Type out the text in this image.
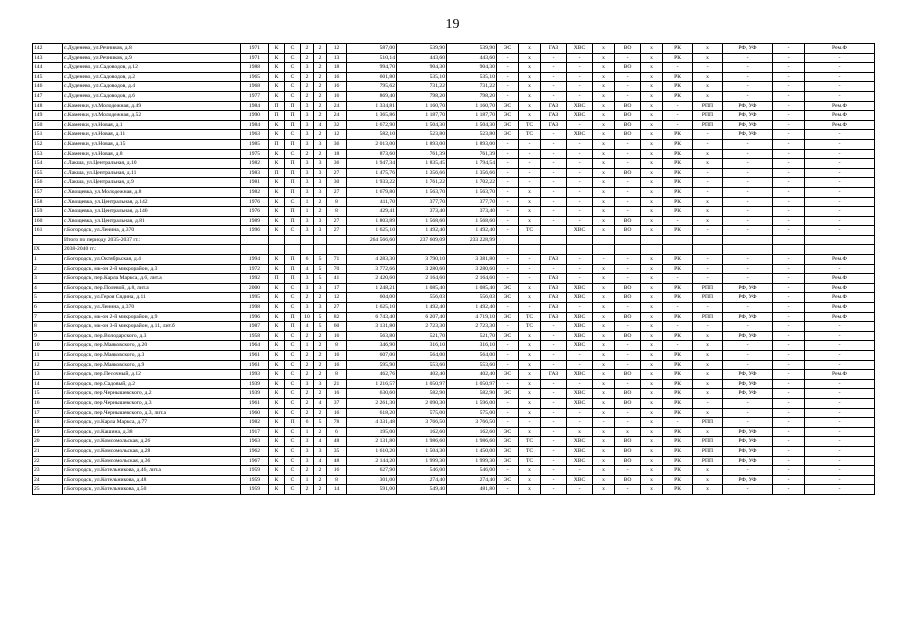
19
142	с.Дуденево, ул.Речников, д.8	1971	К	С	2	2	12	587,00	539,90	539,90	ЭС	х	ГАЗ	ХВС	х	ВО	х	РК	х	РФ, УФ	-	Рем.Ф
143	с.Дуденево, ул.Речников, д.9	1971	К	С	2	2	13	510,14	443,60	443,60	-	х	-	-	х	-	х	РК	х	-	-	-
144	с.Дуденево, ул.Садоводов, д.12	1988	К	С	3	2	18	994,70	904,30	904,30	-	х	-	-	х	ВО	х	-	-	-	-	-
145	с.Дуденево, ул.Садоводов, д.2	1965	К	С	2	2	16	601,80	535,10	535,10	-	х	-	-	х	-	х	РК	х	-	-	-
146	с.Дуденево, ул.Садоводов, д.4	1968	К	С	2	2	16	795,62	731,22	731,22	-	х	-	-	х	-	х	РК	х	-	-	-
147	с.Дуденево, ул.Садоводов, д.6	1977	К	С	2	2	16	869,40	798,20	798,20	-	х	-	-	х	-	х	РК	х	-	-	-
148	с.Каменки, ул.Молодежная, д.49	1984	П	П	3	2	24	1 334,81	1 160,70	1 160,70	ЭС	х	ГАЗ	ХВС	х	ВО	х	-	РПП	РФ, УФ	-	Рем.Ф
149	с.Каменки, ул.Молодежная, д.52	1990	П	П	3	2	24	1 365,86	1 187,70	1 187,70	ЭС	х	ГАЗ	ХВС	х	ВО	х	-	РПП	РФ, УФ	-	Рем.Ф
150	с.Каменки, ул.Новая, д.1	1984	К	П	3	4	32	1 672,90	1 504,30	1 504,30	ЭС	ТС	ГАЗ	-	х	ВО	х	-	РПП	РФ, УФ	-	Рем.Ф
151	с.Каменки, ул.Новая, д.11	1963	К	С	3	2	12	582,10	523,80	523,80	ЭС	ТС	-	ХВС	х	ВО	х	РК	-	РФ, УФ	-	-
152	с.Каменки, ул.Новая, д.15	1985	П	П	3	3	36	2 013,00	1 893,00	1 893,00	-	-	-	-	х	-	х	РК	-	-	-	-
153	с.Каменки, ул.Новая, д.8	1975	К	С	2	2	18	873,60	761,39	761,39	-	-	-	-	х	-	х	РК	х	-	-	-
154	с.Лакша, ул.Центральная, д.10	1982	К	П	3	3	36	1 947,34	1 835,45	1 794,54	-	-	-	-	х	-	х	РК	х	-	-	-
155	с.Лакша, ул.Центральная, д.11	1983	П	П	3	3	27	1 475,76	1 356,66	1 356,66	-	-	-	-	х	ВО	х	РК	-	-	-	-
156	с.Лакша, ул.Центральная, д.9	1981	К	П	3	3	30	1 933,22	1 761,22	1 702,22	-	-	-	-	х	-	х	РК	-	-	-	-
157	с.Хвощевка, ул.Молодежная, д.8	1982	К	П	3	3	27	1 679,80	1 563,70	1 563,70	-	х	-	-	х	-	х	РК	-	-	-	-
158	с.Хвощевка, ул.Центральная, д.142	1976	К	С	1	2	8	411,70	377,70	377,70	-	х	-	-	х	-	х	РК	х	-	-	-
159	с.Хвощевка, ул.Центральная, д.146	1976	К	П	1	2	8	429,41	373,40	373,40	-	х	-	-	х	-	х	РК	х	-	-	-
160	с.Хвощевка, ул.Центральная, д.81	1989	К	П	3	3	27	1 803,89	1 568,60	1 568,60	-	х	-	-	х	ВО	х	-	х	-	-	-
161	г.Богородск, ул.Ленина, д.370	1996	К	С	3	3	27	1 625,10	1 492,40	1 492,40	-	ТС		ХВС	х	ВО	х	РК	-	-	-	-
	Итого по периоду 2035-2037 гг.:							264 566,60	237 609,09	233 228,99												
IX	2038-2040 гг.:																					
1	г.Богородск, ул.Октябрьская, д.4	1994	К	П	6	5	71	4 283,30	3 790,10	3 381,80	-	-	ГАЗ	-	-	-	х	РК	-	-	-	Рем.Ф
2	г.Богородск, мк-он 2-й микрорайон, д.3	1972	К	П	4	5	70	3 772,66	3 280,60	3 280,60	-	-	-	-	х	-	х	РК	-	-	-	-
3	г.Богородск, пер.Карла Маркса, д.6, лит.а	1992	П	П	3	5	41	2 420,60	2 164,60	2 164,60	-	-	ГАЗ	-	х	-	х	-	-	-	-	Рем.Ф
4	г.Богородск, пер.Полевой, д.8, лит.а	2000	К	С	3	3	17	1 248,21	1 085,40	1 085,40	ЭС	х	ГАЗ	ХВС	х	ВО	х	РК	РПП	РФ, УФ	-	Рем.Ф
5	г.Богородск, ул.Героя Сядина, д.11	1995	К	С	2	2	12	604,00	556,03	556,03	ЭС	х	ГАЗ	ХВС	х	ВО	х	РК	РПП	РФ, УФ	-	Рем.Ф
6	г.Богородск, ул.Ленина, д.370	1998	К	С	3	3	27	1 625,10	1 492,40	1 492,40	-	-	ГАЗ	-	х	-	х	-	-	-	-	Рем.Ф
7	г.Богородск, мк-он 2-й микрорайон, д.9	1996	К	П	10	5	82	6 743,40	6 207,40	4 719,10	ЭС	ТС	ГАЗ	ХВС	х	ВО	х	РК	РПП	РФ, УФ	-	Рем.Ф
8	г.Богородск, мк-он 3-й микрорайон, д.11, лит.б	1987	К	П	4	5	60	3 131,80	2 723,30	2 723,30	-	ТС	-	ХВС	х	-	х	-	-	-	-	-
9	г.Богородск, пер.Володарского, д.3	1958	К	С	2	2	16	563,80	521,70	521,70	ЭС	х	-	ХВС	х	ВО	х	РК	х	РФ, УФ	-	-
10	г.Богородск, пер.Маяковского, д.20	1964	К	С	1	2	8	346,90	316,10	316,10	-	х	-	ХВС	х	-	х	-	х	-	-	-
11	г.Богородск, пер.Маяковского, д.3	1961	К	С	2	2	16	607,00	564,00	564,00	-	х	-	-	х	-	х	РК	х	-	-	-
12	г.Богородск, пер.Маяковского, д.9	1961	К	С	2	2	16	595,90	553,60	553,60	-	х	-	-	х	-	х	РК	х	-	-	-
13	г.Богородск, пер.Песочный, д.12	1993	К	С	2	2	8	462,76	402,40	402,40	ЭС	х	ГАЗ	ХВС	х	ВО	х	РК	х	РФ, УФ	-	Рем.Ф
14	г.Богородск, пер.Садовый, д.2	1939	К	С	3	3	21	1 216,57	1 050,97	1 050,97	-	х	-	-	х	-	х	РК	х	РФ, УФ	-	-
15	г.Богородск, пер.Чернышевского, д.2	1939	К	С	2	2	16	630,60	582,90	582,90	ЭС	х	-	ХВС	х	ВО	х	РК	х	РФ, УФ	-	-
16	г.Богородск, пер.Чернышевского, д.3	1961	К	С	2	4	37	2 261,30	2 090,30	1 596,00	-	х	-	ХВС	х	ВО	х	РК	-	-	-	-
17	г.Богородск, пер.Чернышевского, д.3, лит.а	1960	К	С	2	2	16	618,20	575,00	575,00	-	х	-	-	х	-	х	РК	х	-	-	-
18	г.Богородск, ул.Карла Маркса, д.77	1982	К	П	6	5	78	4 331,48	3 766,50	3 766,50	-	-	-	-	-	-	х	-	РПП	-	-	-
19	г.Богородск, ул.Кашина, д.38	1917	К	С	1	2	6	195,00	162,60	162,60	ЭС	х	-	х	х	х	х	РК	х	РФ, УФ	-	-
20	г.Богородск, ул.Комсомольская, д.26	1963	К	С	3	4	48	2 131,80	1 986,60	1 986,60	ЭС	ТС	-	ХВС	х	ВО	х	РК	РПП	РФ, УФ	-	-
21	г.Богородск, ул.Комсомольская, д.28	1962	К	С	3	3	35	1 610,20	1 504,30	1 450,00	ЭС	ТС	-	ХВС	х	ВО	х	РК	РПП	РФ, УФ	-	-
22	г.Богородск, ул.Комсомольская, д.36	1967	К	С	3	4	48	2 144,20	1 999,30	1 999,30	ЭС	ТС	-	ХВС	х	ВО	х	РК	РПП	РФ, УФ	-	-
23	г.Богородск, ул.Котельникова, д.46, лит.а	1959	К	С	2	2	16	627,90	546,00	546,00	-	х	-	-	х	-	х	РК	х	-	-	-
24	г.Богородск, ул.Котельникова, д.48	1959	К	С	1	2	8	301,00	274,40	274,40	ЭС	х	-	ХВС	х	ВО	х	РК	х	РФ, УФ	-	-
25	г.Богородск, ул.Котельникова, д.50	1959	К	С	2	2	14	591,00	549,40	481,80	-	х	-	-	х	-	х	РК	х	-	-	-
